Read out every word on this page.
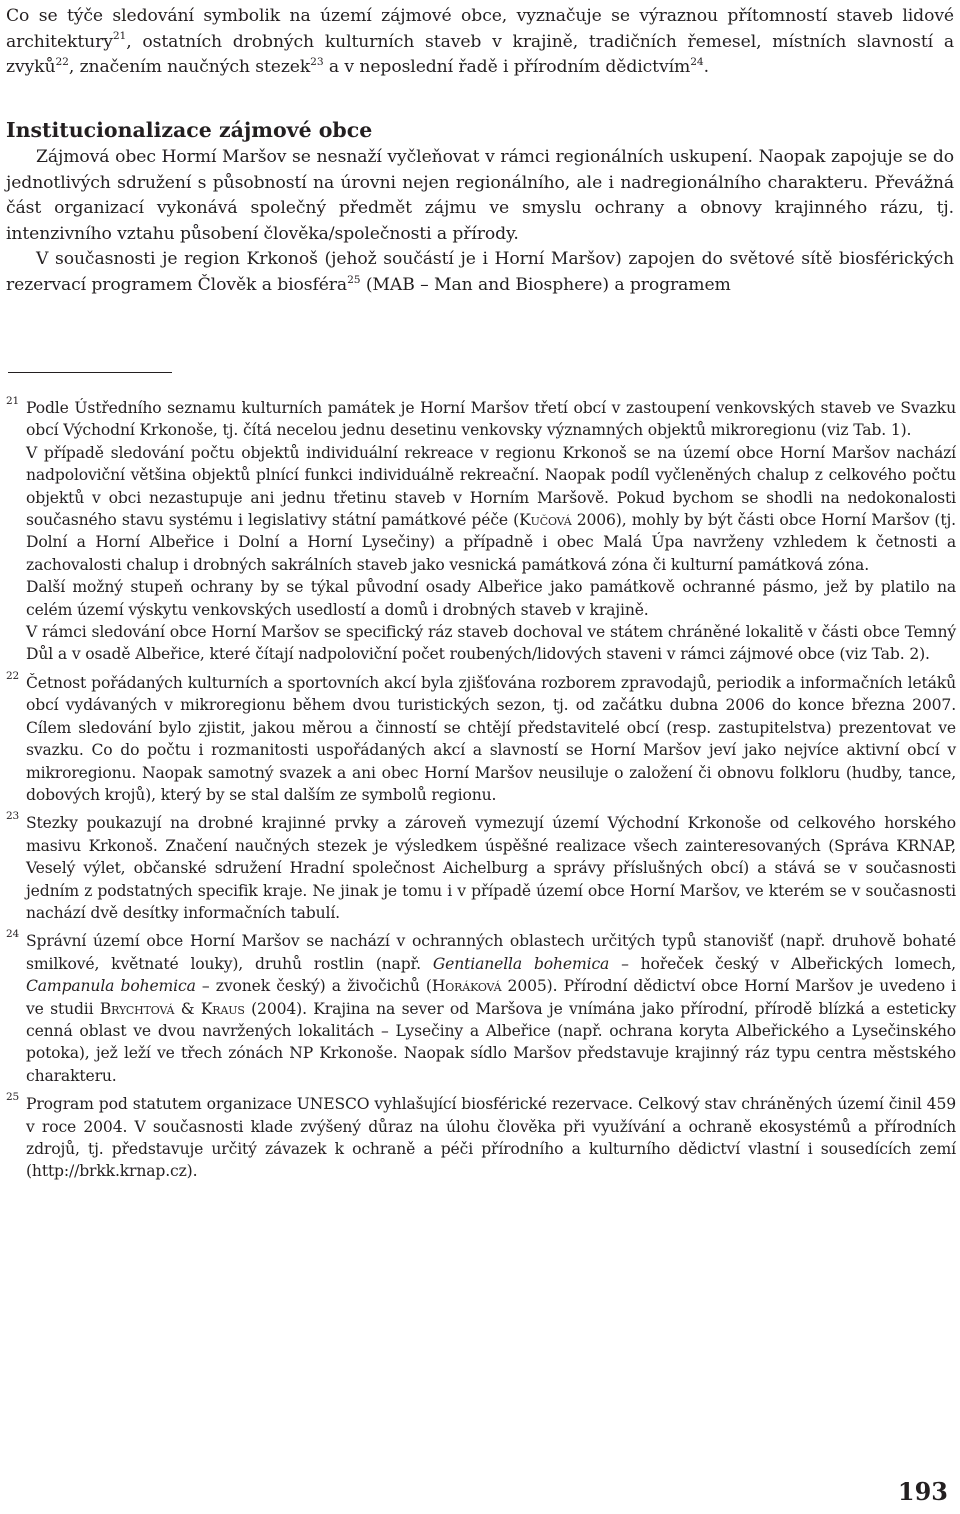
Co se týče sledování symbolik na území zájmové obce, vyznačuje se výraznou přítomností staveb lidové architektury$^{21}$, ostatních drobných kulturních staveb v krajině, tradičních řemesel, místních slavností a zvyků$^{22}$, značením naučných stezek$^{23}$ a v neposlední řadě i přírodním dědictvím$^{24}$.

Institucionalizace zájmové obce

Zájmová obec Hormí Maršov se nesnaží vyčleňovat v rámci regionálních uskupení. Naopak zapojuje se do jednotlivých sdružení s působností na úrovni nejen regionálního, ale i nadregionálního charakteru. Převážná část organizací vykonává společný předmět zájmu ve smyslu ochrany a obnovy krajinného rázu, tj. intenzivního vztahu působení člověka/společnosti a přírody.

V současnosti je region Krkonoš (jehož součástí je i Horní Maršov) zapojen do světové sítě biosférických rezervací programem Člověk a biosféra$^{25}$ (MAB – Man and Biosphere) a programem

21 Podle Ústředního seznamu kulturních památek je Horní Maršov třetí obcí v zastoupení venkovských staveb ve Svazku obcí Východní Krkonoše, tj. čítá necelou jednu desetinu venkovsky významných objektů mikroregionu (viz Tab. 1).

V případě sledování počtu objektů individuální rekreace v regionu Krkonoš se na území obce Horní Maršov nachází nadpoloviční většina objektů plnící funkci individuálně rekreační. Naopak podíl vyčleněných chalup z celkového počtu objektů v obci nezastupuje ani jednu třetinu staveb v Horním Maršově. Pokud bychom se shodli na nedokonalosti současného stavu systému i legislativy státní památkové péče (Kučová 2006), mohly by být části obce Horní Maršov (tj. Dolní a Horní Albeřice i Dolní a Horní Lysečiny) a případně i obec Malá Úpa navrženy vzhledem k četnosti a zachovalosti chalup i drobných sakrálních staveb jako vesnická památková zóna či kulturní památková zóna.

Další možný stupeň ochrany by se týkal původní osady Albeřice jako památkově ochranné pásmo, jež by platilo na celém území výskytu venkovských usedlostí a domů i drobných staveb v krajině.

V rámci sledování obce Horní Maršov se specifický ráz staveb dochoval ve státem chráněné lokalitě v části obce Temný Důl a v osadě Albeřice, které čítají nadpoloviční počet roubených/lidových staveni v rámci zájmové obce (viz Tab. 2).

22 Četnost pořádaných kulturních a sportovních akcí byla zjišťována rozborem zpravodajů, periodik a informačních letáků obcí vydávaných v mikroregionu během dvou turistických sezon, tj. od začátku dubna 2006 do konce března 2007. Cílem sledování bylo zjistit, jakou měrou a činností se chtějí představitelé obcí (resp. zastupitelstva) prezentovat ve svazku. Co do počtu i rozmanitosti uspořádaných akcí a slavností se Horní Maršov jeví jako nejvíce aktivní obcí v mikroregionu. Naopak samotný svazek a ani obec Horní Maršov neusiluje o založení či obnovu folkloru (hudby, tance, dobových krojů), který by se stal dalším ze symbolů regionu.

23 Stezky poukazují na drobné krajinné prvky a zároveň vymezují území Východní Krkonoše od celkového horského masivu Krkonoš. Značení naučných stezek je výsledkem úspěšné realizace všech zainteresovaných (Správa KRNAP, Veselý výlet, občanské sdružení Hradní společnost Aichelburg a správy příslušných obcí) a stává se v současnosti jedním z podstatných specifik kraje. Ne jinak je tomu i v případě území obce Horní Maršov, ve kterém se v současnosti nachází dvě desítky informačních tabulí.

24 Správní území obce Horní Maršov se nachází v ochranných oblastech určitých typů stanovišť (např. druhově bohaté smilkové, květnaté louky), druhů rostlin (např. Gentianella bohemica – hořeček český v Albeřických lomech, Campanula bohemica – zvonek český) a živočichů (Horáková 2005). Přírodní dědictví obce Horní Maršov je uvedeno i ve studii Brychtová & Kraus (2004). Krajina na sever od Maršova je vnímána jako přírodní, přírodě blízká a esteticky cenná oblast ve dvou navržených lokalitách – Lysečiny a Albeřice (např. ochrana koryta Albeřického a Lysečinského potoka), jež leží ve třech zónách NP Krkonoše. Naopak sídlo Maršov představuje krajinný ráz typu centra městského charakteru.

25 Program pod statutem organizace UNESCO vyhlašující biosférické rezervace. Celkový stav chráněných území činil 459 v roce 2004. V současnosti klade zvýšený důraz na úlohu člověka při využívání a ochraně ekosystémů a přírodních zdrojů, tj. představuje určitý závazek k ochraně a péči přírodního a kulturního dědictví vlastní i sousedících zemí (http://brkk.krnap.cz).

193
